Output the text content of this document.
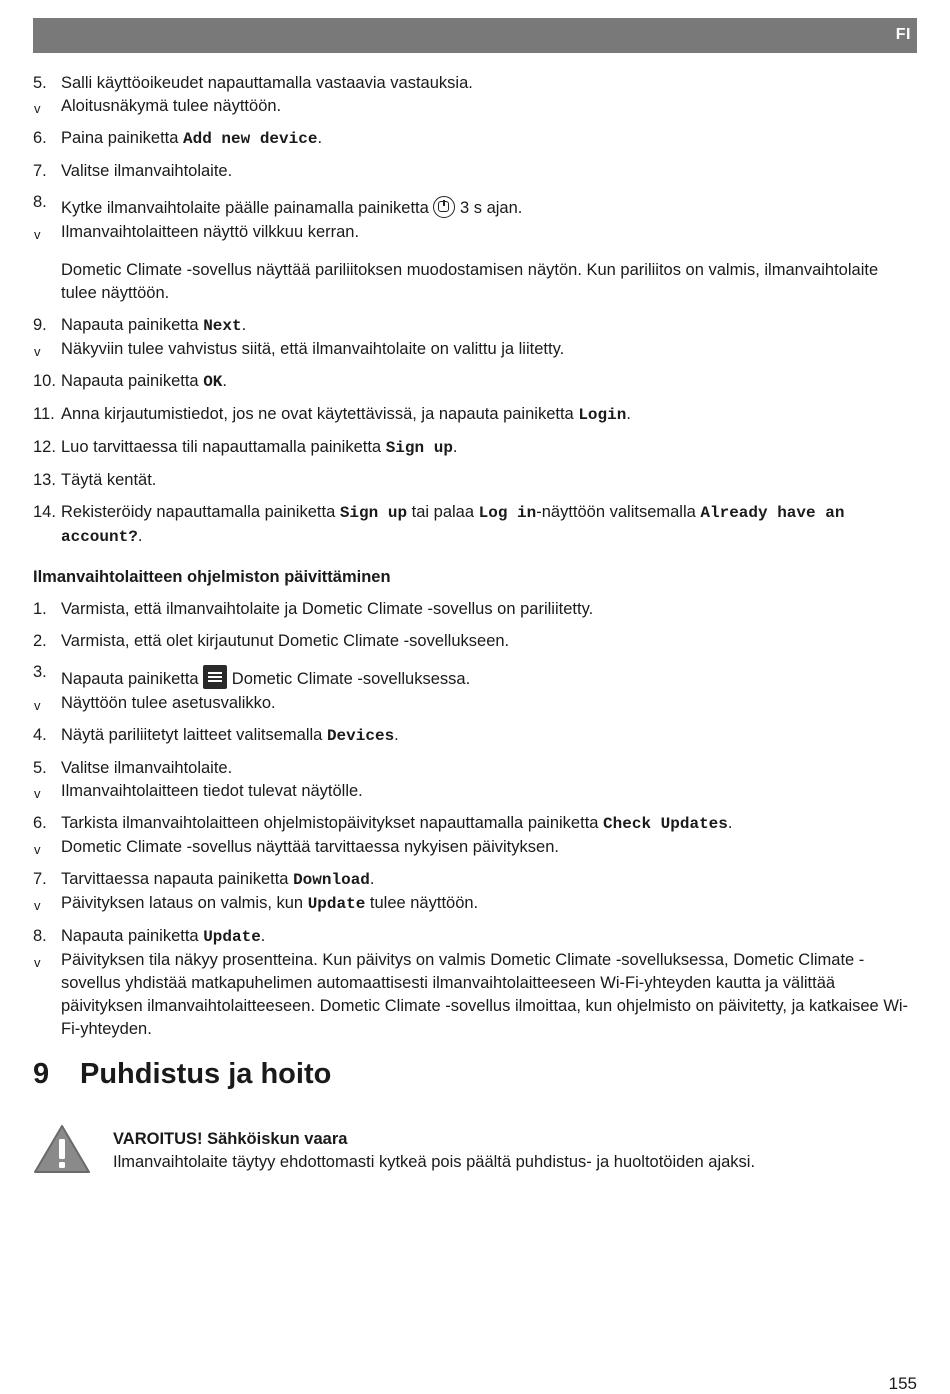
FI
5. Salli käyttöoikeudet napauttamalla vastaavia vastauksia.
v Aloitusnäkymä tulee näyttöön.
6. Paina painiketta Add new device.
7. Valitse ilmanvaihtolaite.
8. Kytke ilmanvaihtolaite päälle painamalla painiketta  3 s ajan.
v Ilmanvaihtolaitteen näyttö vilkkuu kerran.
Dometic Climate -sovellus näyttää pariliitoksen muodostamisen näytön. Kun pariliitos on valmis, ilmanvaihtolaite tulee näyttöön.
9. Napauta painiketta Next.
v Näkyviin tulee vahvistus siitä, että ilmanvaihtolaite on valittu ja liitetty.
10. Napauta painiketta OK.
11. Anna kirjautumistiedot, jos ne ovat käytettävissä, ja napauta painiketta Login.
12. Luo tarvittaessa tili napauttamalla painiketta Sign up.
13. Täytä kentät.
14. Rekisteröidy napauttamalla painiketta Sign up tai palaa Log in-näyttöön valitsemalla Already have an account?.
Ilmanvaihtolaitteen ohjelmiston päivittäminen
1. Varmista, että ilmanvaihtolaite ja Dometic Climate -sovellus on pariliitetty.
2. Varmista, että olet kirjautunut Dometic Climate -sovellukseen.
3. Napauta painiketta
Dometic Climate -sovelluksessa.
v Näyttöön tulee asetusvalikko.
4. Näytä pariliitetyt laitteet valitsemalla Devices.
5. Valitse ilmanvaihtolaite.
v Ilmanvaihtolaitteen tiedot tulevat näytölle.
6. Tarkista ilmanvaihtolaitteen ohjelmistopäivitykset napauttamalla painiketta Check Updates.
v Dometic Climate -sovellus näyttää tarvittaessa nykyisen päivityksen.
7. Tarvittaessa napauta painiketta Download.
v Päivityksen lataus on valmis, kun Update tulee näyttöön.
8. Napauta painiketta Update.
v Päivityksen tila näkyy prosentteina. Kun päivitys on valmis Dometic Climate -sovelluksessa, Dometic Climate -sovellus yhdistää matkapuhelimen automaattisesti ilmanvaihtolaitteeseen Wi-Fi-yhteyden kautta ja välittää päivityksen ilmanvaihtolaitteeseen. Dometic Climate -sovellus ilmoittaa, kun ohjelmisto on päivitetty, ja katkaisee Wi-Fi-yhteyden.
9 Puhdistus ja hoito
VAROITUS! Sähköiskun vaara
Ilmanvaihtolaite täytyy ehdottomasti kytkeä pois päältä puhdistus- ja huoltotöiden ajaksi.
155
